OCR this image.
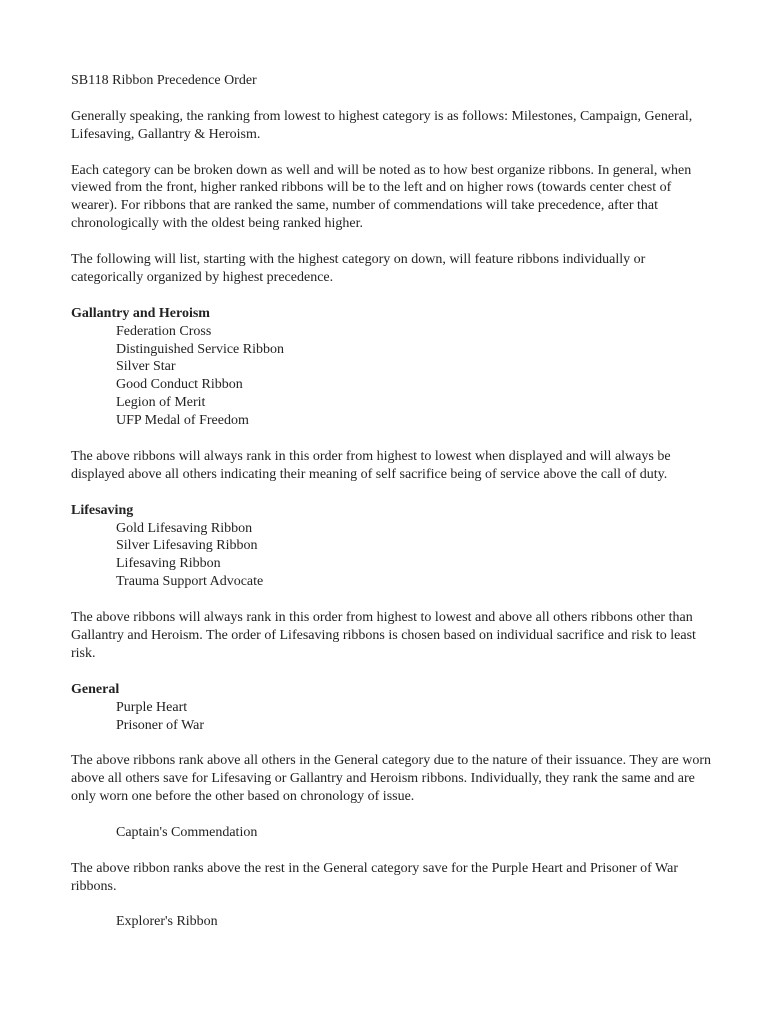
SB118 Ribbon Precedence Order

Generally speaking, the ranking from lowest to highest category is as follows: Milestones, Campaign, General, Lifesaving, Gallantry & Heroism.

Each category can be broken down as well and will be noted as to how best organize ribbons. In general, when viewed from the front, higher ranked ribbons will be to the left and on higher rows (towards center chest of wearer). For ribbons that are ranked the same, number of commendations will take precedence, after that chronologically with the oldest being ranked higher.

The following will list, starting with the highest category on down, will feature ribbons individually or categorically organized by highest precedence.

Gallantry and Heroism
Federation Cross
Distinguished Service Ribbon
Silver Star
Good Conduct Ribbon
Legion of Merit
UFP Medal of Freedom

The above ribbons will always rank in this order from highest to lowest when displayed and will always be displayed above all others indicating their meaning of self sacrifice being of service above the call of duty.

Lifesaving
Gold Lifesaving Ribbon
Silver Lifesaving Ribbon
Lifesaving Ribbon
Trauma Support Advocate

The above ribbons will always rank in this order from highest to lowest and above all others ribbons other than Gallantry and Heroism. The order of Lifesaving ribbons is chosen based on individual sacrifice and risk to least risk.

General
Purple Heart
Prisoner of War

The above ribbons rank above all others in the General category due to the nature of their issuance. They are worn above all others save for Lifesaving or Gallantry and Heroism ribbons. Individually, they rank the same and are only worn one before the other based on chronology of issue.

Captain's Commendation

The above ribbon ranks above the rest in the General category save for the Purple Heart and Prisoner of War ribbons.

Explorer's Ribbon
